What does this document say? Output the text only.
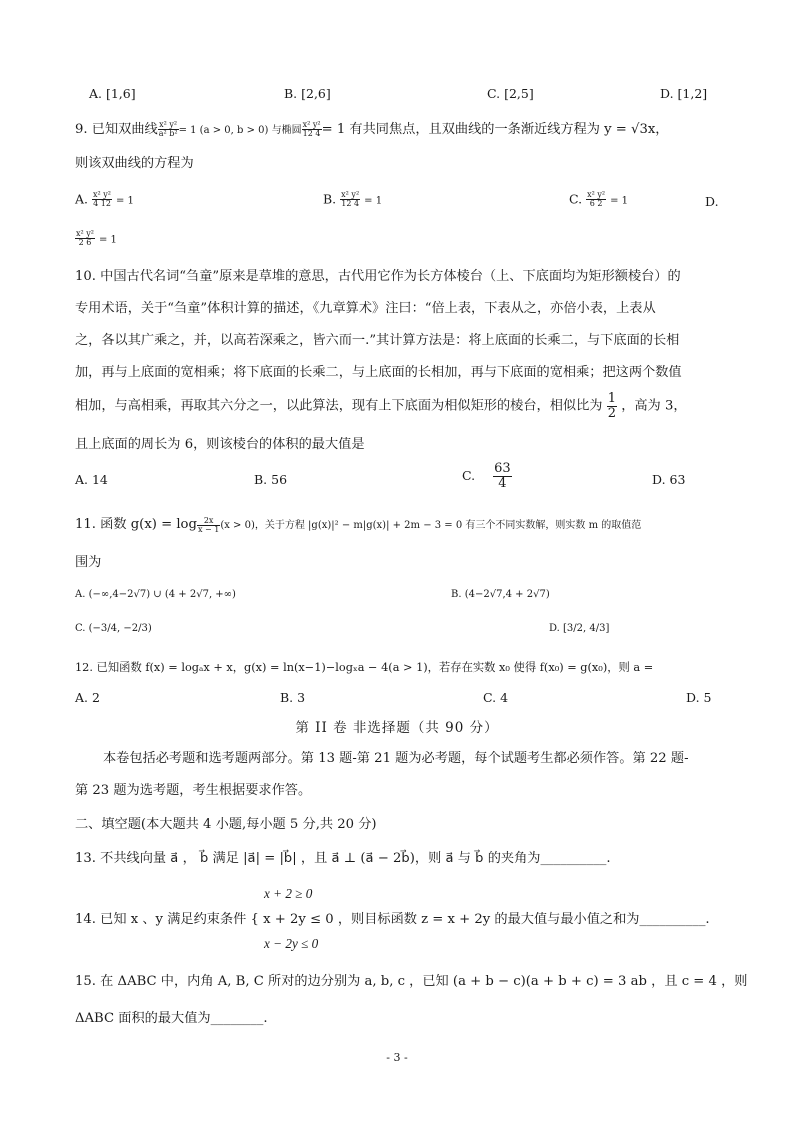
A. [1,6]	B. [2,6]	C. [2,5]	D. [1,2]
9. 已知双曲线 $\frac{\text{x² y²}}{\text{a² b²}} = 1$ (a > 0, b > 0) 与椭圆 $\frac{\text{x² y²}}{12 4} = 1$ 有共同焦点，且双曲线的一条渐近线方程为 y = √3x，
则该双曲线的方程为
A. $\frac{\text{x² y²}}{4 12} = 1$	B. $\frac{\text{x² y²}}{12 4} = 1$	C. $\frac{\text{x² y²}}{6 2} = 1$	D.
$\frac{\text{x² y²}}{2 6} = 1$
10. 中国古代名词“刍童”原来是草堆的意思，古代用它作为长方体棱台（上、下底面均为矩形额棱台）的
专用术语，关于“刍童”体积计算的描述，《九章算术》注曰：“倍上表，下表从之，亦倍小表，上表从
之，各以其广乘之，并，以高若深乘之，皆六而一.”其计算方法是：将上底面的长乘二，与下底面的长相
加，再与上底面的宽相乘；将下底面的长乘二，与上底面的长相加，再与下底面的宽相乘；把这两个数值
相加，与高相乘，再取其六分之一，以此算法，现有上下底面为相似矩形的棱台，相似比为 $\frac{1}{2}$ ，高为 3，
且上底面的周长为 6，则该棱台的体积的最大值是
A. 14	B. 56	C. $\frac{63}{4}$	D. 63
11. 函数 $g(x) = \log \frac{2x}{x - 1} (x > 0)$，关于方程 |g(x)|² − m|g(x)| + 2m − 3 = 0 有三个不同实数解，则实数 m 的取值范
围为
A. (−∞,4−2√7) ∪ (4 + 2√7, +∞)	B. (4−2√7,4 + 2√7)
C. (−3/4, −2/3)	D. [3/2, 4/3]
12. 已知函数 f(x) = logₐx + x，g(x) = ln(x−1)−logₓa − 4(a > 1)，若存在实数 x₀ 使得 f(x₀) = g(x₀)，则 a =
A. 2	B. 3	C. 4	D. 5
第 II 卷 非选择题（共 90 分）
本卷包括必考题和选考题两部分。第 13 题-第 21 题为必考题，每个试题考生都必须作答。第 22 题-
第 23 题为选考题，考生根据要求作答。
二、填空题(本大题共 4 小题,每小题 5 分,共 20 分)
13. 不共线向量 a⃗ ， b⃗ 满足 |a⃗| = |b⃗| ，且 a⃗ ⊥ (a⃗ − 2b⃗)，则 a⃗ 与 b⃗ 的夹角为__________.
x + 2 ≥ 0
14. 已知 x 、y 满足约束条件 { x + 2y ≤ 0 ，则目标函数 z = x + 2y 的最大值与最小值之和为__________.
x − 2y ≤ 0
15. 在 ΔABC 中，内角 A, B, C 所对的边分别为 a, b, c ，已知 (a + b − c)(a + b + c) = 3 ab ，且 c = 4 ，则
ΔABC 面积的最大值为________.
- 3 -
